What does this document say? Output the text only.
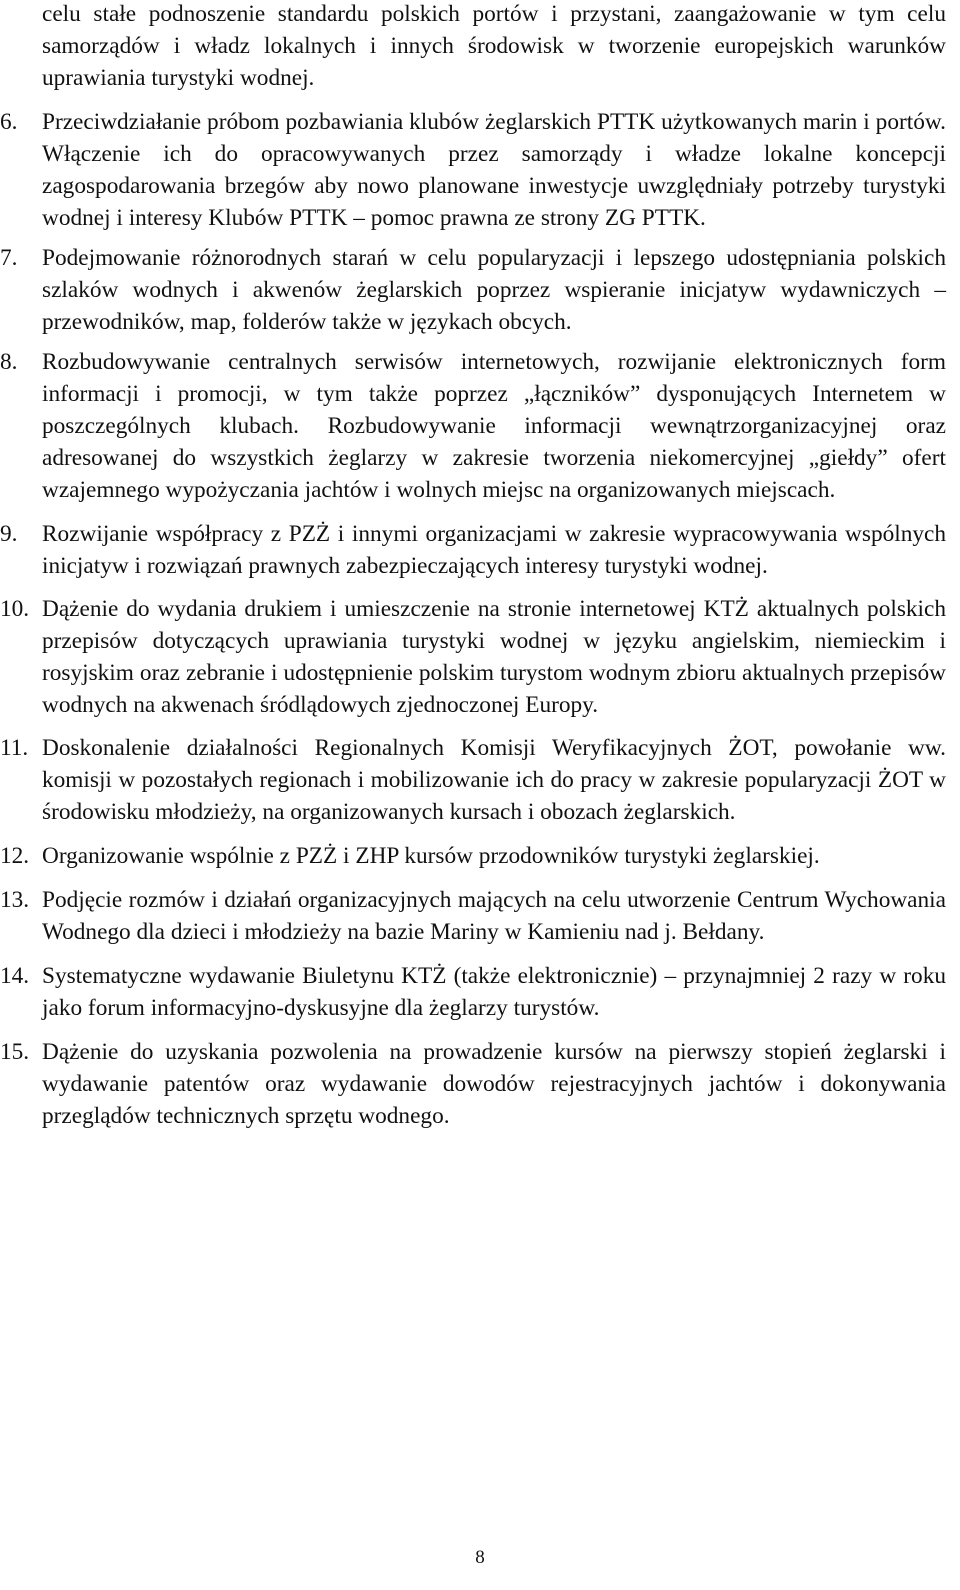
celu stałe podnoszenie standardu polskich portów i przystani, zaangażowanie w tym celu samorządów i władz lokalnych i innych środowisk w tworzenie europejskich warunków uprawiania turystyki wodnej.

6.	Przeciwdziałanie próbom pozbawiania klubów żeglarskich PTTK użytkowanych marin i portów. Włączenie ich do opracowywanych przez samorządy i władze lokalne koncepcji zagospodarowania brzegów aby nowo planowane inwestycje uwzględniały potrzeby turystyki wodnej i interesy Klubów PTTK – pomoc prawna ze strony ZG PTTK.

7.	Podejmowanie różnorodnych starań w celu popularyzacji i lepszego udostępniania polskich szlaków wodnych i akwenów żeglarskich poprzez wspieranie inicjatyw wydawniczych – przewodników, map, folderów także w językach obcych.

8.	Rozbudowywanie centralnych serwisów internetowych, rozwijanie elektronicznych form informacji i promocji, w tym także poprzez „łączników” dysponujących Internetem w poszczególnych klubach. Rozbudowywanie informacji wewnątrzorganizacyjnej oraz adresowanej do wszystkich żeglarzy w zakresie tworzenia niekomercyjnej „giełdy” ofert wzajemnego wypożyczania jachtów i wolnych miejsc na organizowanych miejscach.

9.	Rozwijanie współpracy z PZŻ i innymi organizacjami w zakresie wypracowywania wspólnych inicjatyw i rozwiązań prawnych zabezpieczających interesy turystyki wodnej.

10. Dążenie do wydania drukiem i umieszczenie na stronie internetowej KTŻ aktualnych polskich przepisów dotyczących uprawiania turystyki wodnej w języku angielskim, niemieckim i rosyjskim oraz zebranie i udostępnienie polskim turystom wodnym zbioru aktualnych przepisów wodnych na akwenach śródlądowych zjednoczonej Europy.

11. Doskonalenie działalności Regionalnych Komisji Weryfikacyjnych ŻOT, powołanie ww. komisji w pozostałych regionach i mobilizowanie ich do pracy w zakresie popularyzacji ŻOT w środowisku młodzieży, na organizowanych kursach i obozach żeglarskich.

12. Organizowanie wspólnie z PZŻ i ZHP kursów przodowników turystyki żeglarskiej.

13. Podjęcie rozmów i działań organizacyjnych mających na celu utworzenie Centrum Wychowania Wodnego dla dzieci i młodzieży na bazie Mariny w Kamieniu nad j. Bełdany.

14. Systematyczne wydawanie Biuletynu KTŻ (także elektronicznie) – przynajmniej 2 razy w roku jako forum informacyjno-dyskusyjne dla żeglarzy turystów.

15. Dążenie do uzyskania pozwolenia na prowadzenie kursów na pierwszy stopień żeglarski i wydawanie patentów oraz wydawanie dowodów rejestracyjnych jachtów i dokonywania przeglądów technicznych sprzętu wodnego.

8
